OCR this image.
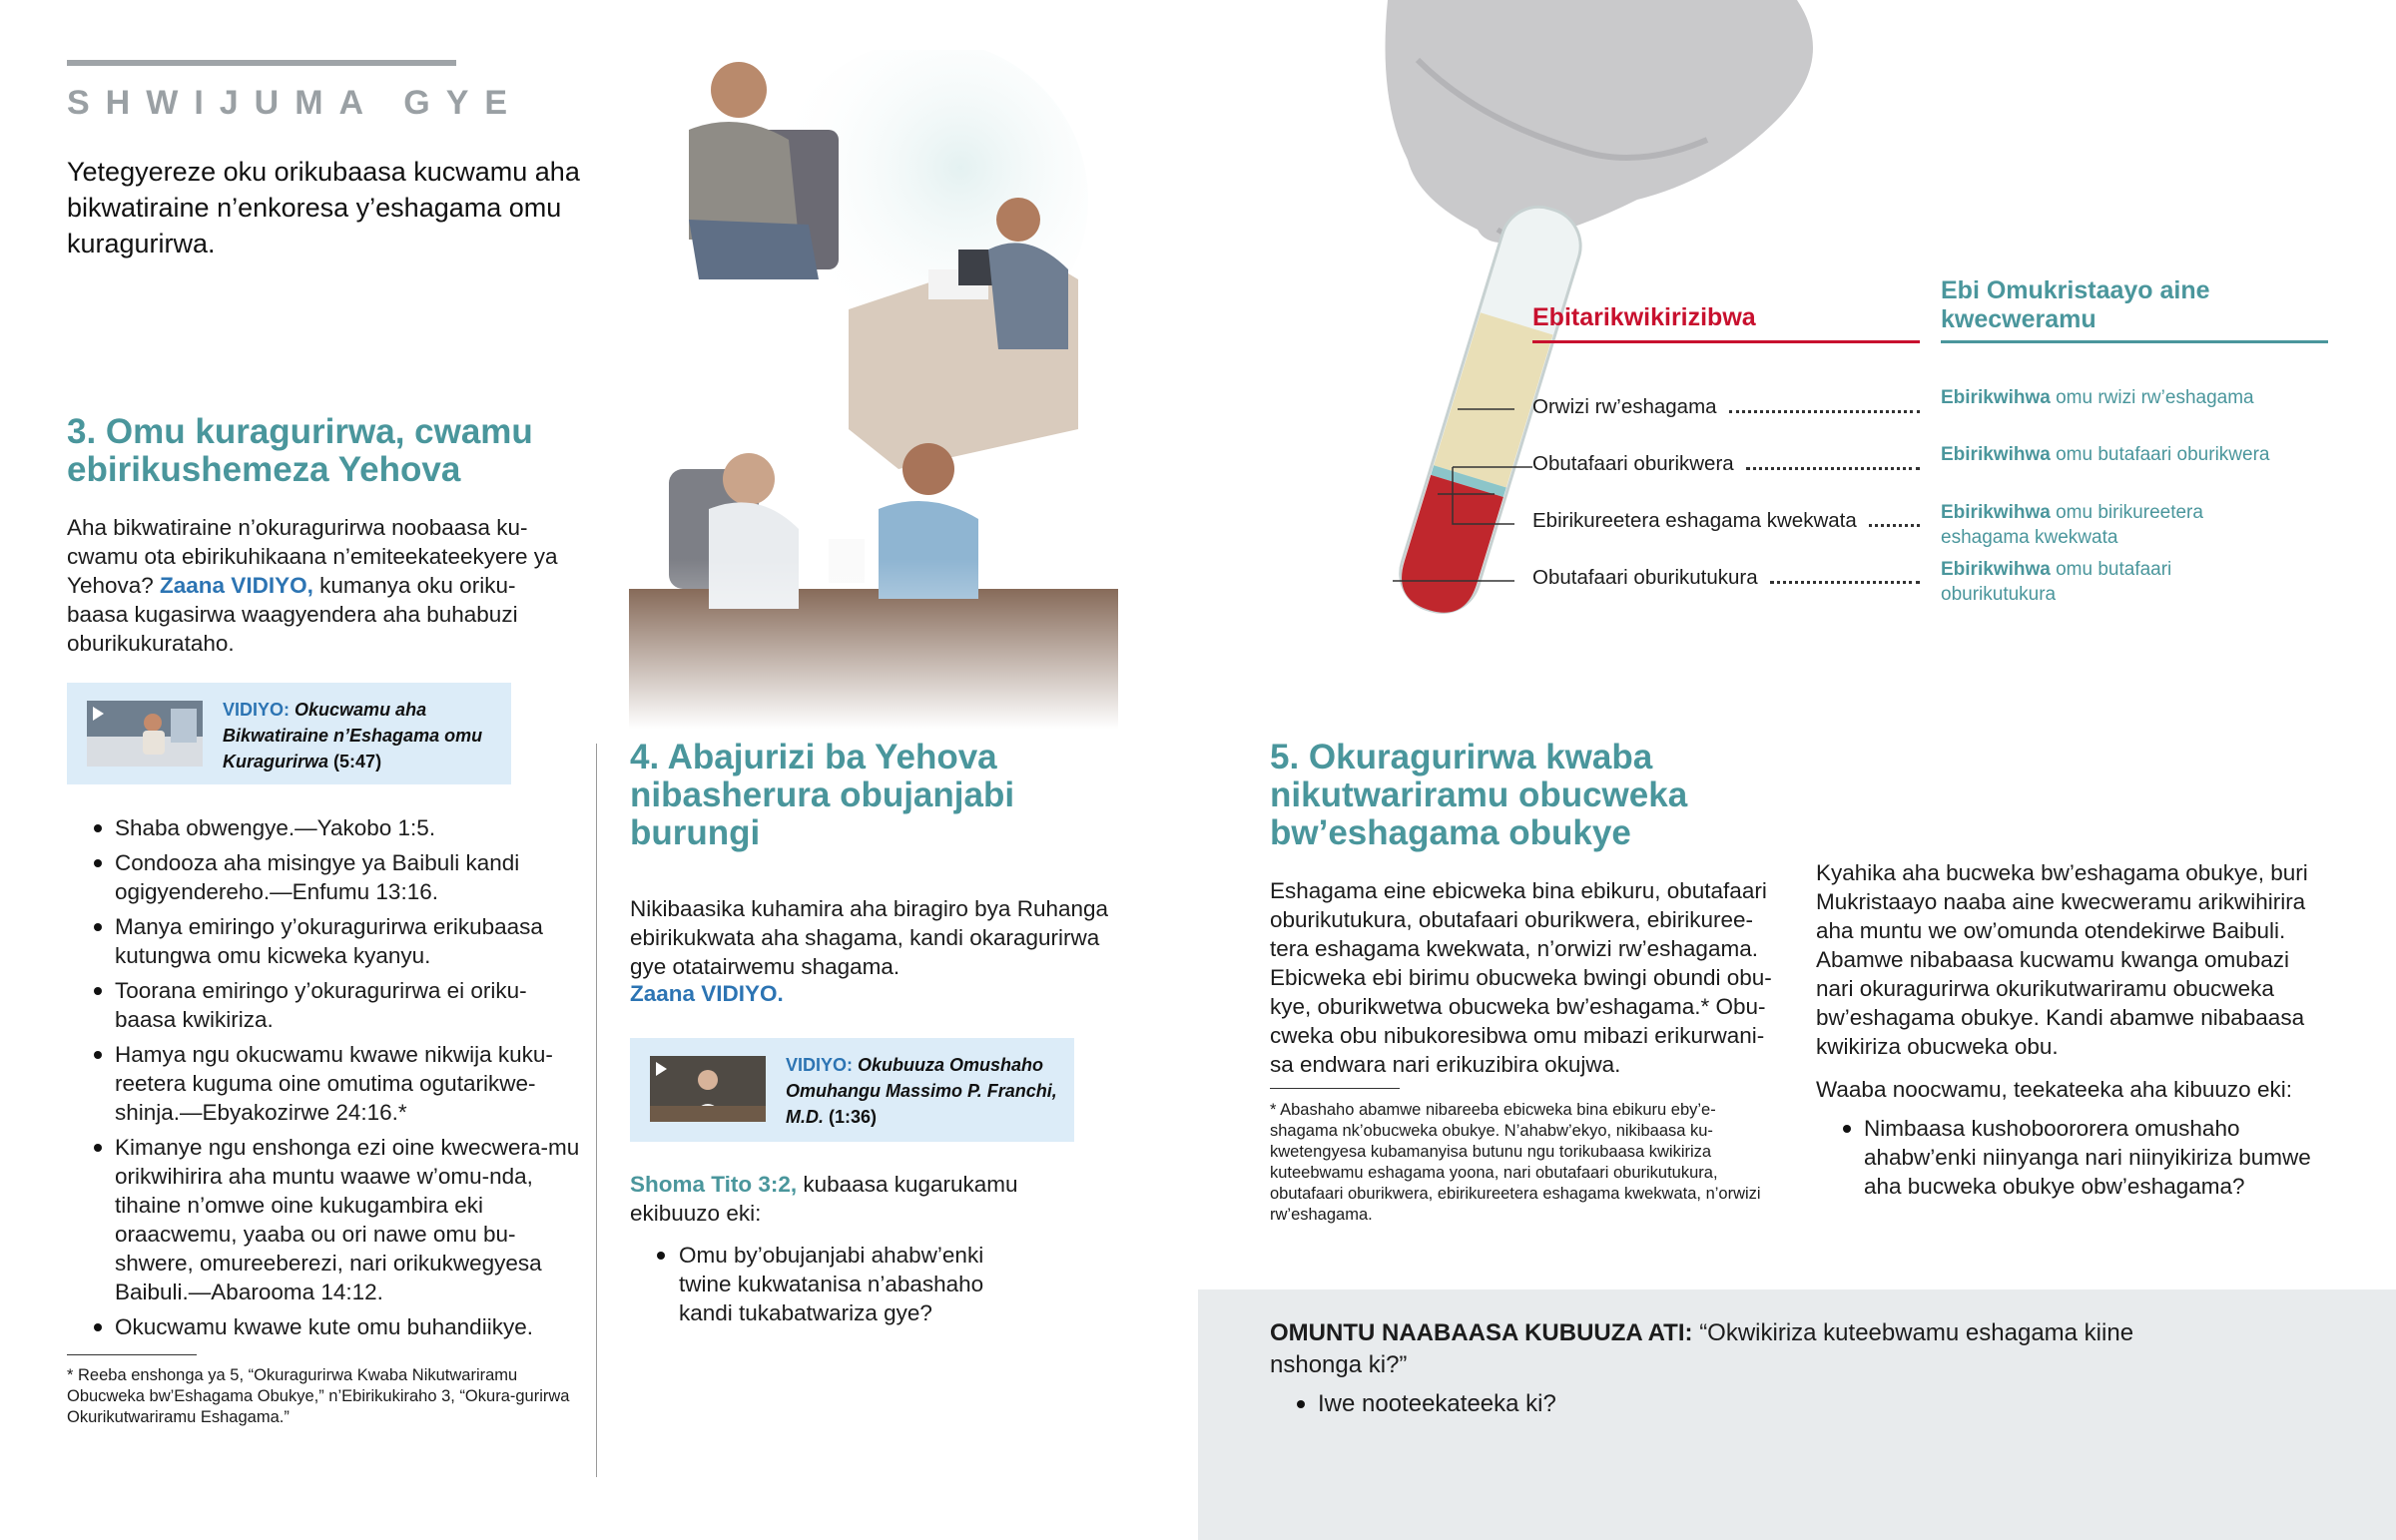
SHWIJUMA GYE
Yetegyereze oku orikubaasa kucwamu aha bikwatiraine n’enkoresa y’eshagama omu kuragurirwa.
3. Omu kuragurirwa, cwamu ebirikushemeza Yehova
Aha bikwatiraine n’okuragurirwa noobaasa ku-cwamu ota ebirikuhikaana n’emiteekateekyere ya Yehova? Zaana VIDIYO, kumanya oku oriku-baasa kugasirwa waagyendera aha buhabuzi oburikukurataho.
VIDIYO: Okucwamu aha Bikwatiraine n’Eshagama omu Kuragurirwa (5:47)
Shaba obwengye.—Yakobo 1:5.
Condooza aha misingye ya Baibuli kandi ogigyendereho.—Enfumu 13:16.
Manya emiringo y’okuragurirwa erikubaasa kutungwa omu kicweka kyanyu.
Toorana emiringo y’okuragurirwa ei oriku-baasa kwikiriza.
Hamya ngu okucwamu kwawe nikwija kuku-reetera kuguma oine omutima ogutarikwe-shinja.—Ebyakozirwe 24:16.*
Kimanye ngu enshonga ezi oine kwecwera-mu orikwihirira aha muntu waawe w’omu-nda, tihaine n’omwe oine kukugambira eki oraacwemu, yaaba ou ori nawe omu bu-shwere, omureeberezi, nari orikukwegyesa Baibuli.—Abarooma 14:12.
Okucwamu kwawe kute omu buhandiikye.
* Reeba enshonga ya 5, “Okuragurirwa Kwaba Nikutwariramu Obucweka bw’Eshagama Obukye,” n’Ebirikukiraho 3, “Okura-gurirwa Okurikutwariramu Eshagama.”
4. Abajurizi ba Yehova nibasherura obujanjabi burungi
Nikibaasika kuhamira aha biragiro bya Ruhanga ebirikukwata aha shagama, kandi okaragurirwa gye otatairwemu shagama.
Zaana VIDIYO.
VIDIYO: Okubuuza Omushaho Omuhangu Massimo P. Franchi, M.D. (1:36)
Shoma Tito 3:2, kubaasa kugarukamu ekibuuzo eki:
Omu by’obujanjabi ahabw’enki twine kukwatanisa n’abashaho kandi tukabatwariza gye?
Ebi Omukristaayo aine kwecweramu
Ebitarikwikirizibwa
Orwizi rw’eshagama
Obutafaari oburikwera
Ebirikureetera eshagama kwekwata
Obutafaari oburikutukura
Ebirikwihwa omu rwizi rw’eshagama
Ebirikwihwa omu butafaari oburikwera
Ebirikwihwa omu birikureetera eshagama kwekwata
Ebirikwihwa omu butafaari oburikutukura
5. Okuragurirwa kwaba nikutwariramu obucweka bw’eshagama obukye
Eshagama eine ebicweka bina ebikuru, obutafaari oburikutukura, obutafaari oburikwera, ebirikuree-tera eshagama kwekwata, n’orwizi rw’eshagama. Ebicweka ebi birimu obucweka bwingi obundi obu-kye, oburikwetwa obucweka bw’eshagama.* Obu-cweka obu nibukoresibwa omu mibazi erikurwani-sa endwara nari erikuzibira okujwa.
* Abashaho abamwe nibareeba ebicweka bina ebikuru eby’e-shagama nk’obucweka obukye. N’ahabw’ekyo, nikibaasa ku-kwetengyesa kubamanyisa butunu ngu torikubaasa kwikiriza kuteebwamu eshagama yoona, nari obutafaari oburikutukura, obutafaari oburikwera, ebirikureetera eshagama kwekwata, n’orwizi rw’eshagama.
Kyahika aha bucweka bw’eshagama obukye, buri Mukristaayo naaba aine kwecweramu arikwihirira aha muntu we ow’omunda otendekirwe Baibuli. Abamwe nibabaasa kucwamu kwanga omubazi nari okuragurirwa okurikutwariramu obucweka bw’eshagama obukye. Kandi abamwe nibabaasa kwikiriza obucweka obu.
Waaba noocwamu, teekateeka aha kibuuzo eki:
Nimbaasa kushoboororera omushaho ahabw’enki niinyanga nari niinyikiriza bumwe aha bucweka obukye obw’eshagama?
OMUNTU NAABAASA KUBUUZA ATI: “Okwikiriza kuteebwamu eshagama kiine nshonga ki?”
Iwe nooteekateeka ki?
